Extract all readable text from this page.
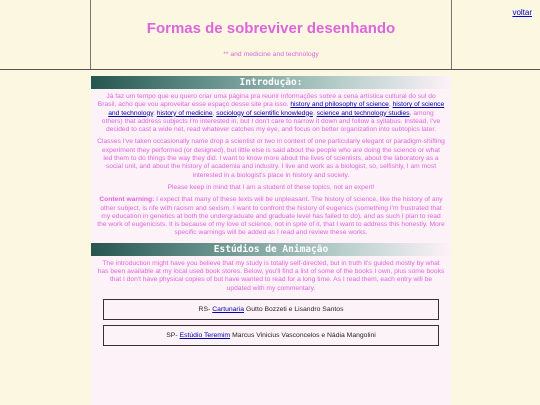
voltar
Formas de sobreviver desenhando

** and medicine and technology

Introdução:

Já faz um tempo que eu quero criar uma página pra reunir informações sobre a cena artística cultural do sul do Brasil, acho que vou aproveitar esse espaço desse site pra isso. history and philosophy of science, history of science and technology, history of medicine, sociology of scientific knowledge, science and technology studies, among others) that address subjects I'm interested in, but I don't care to narrow it down and follow a syllabus. Instead, I've decided to cast a wide net, read whatever catches my eye, and focus on better organization into subtopics later.

Classes I've taken occasionally name drop a scientist or two in context of one particularly elegant or paradigm-shifting experiment they performed (or designed), but little else is said about the people who are doing the science or what led them to do things the way they did. I want to know more about the lives of scientists, about the laboratory as a social unit, and about the history of academia and industry. I live and work as a biologist, so, selfishly, I am most interested in a biologist's place in history and society.

Please keep in mind that I am a student of these topics, not an expert!

Content warning: I expect that many of these texts will be unpleasant. The history of science, like the history of any other subject, is rife with racism and sexism. I want to confront the history of eugenics (something I'm frustrated that my education in genetics at both the undergraduate and graduate level has failed to do), and as such I plan to read the work of eugenicists. It is because of my love of science, not in spite of it, that I want to address this honestly. More specific warnings will be added as I read and review these works.

Estúdios de Animação

The introduction might have you believe that my study is totally self-directed, but in truth it's guided mostly by what has been available at my local used book stores. Below, you'll find a list of some of the books I own, plus some books that I don't have physical copies of but have wanted to read for a long time. As I read them, each entry will be updated with my commentary.

RS - Cartunaria Gutto Bozzeti e Lisandro Santos
SP - Estúdio Teremim Marcus Vinicius Vasconcelos e Nádia Mangolini
